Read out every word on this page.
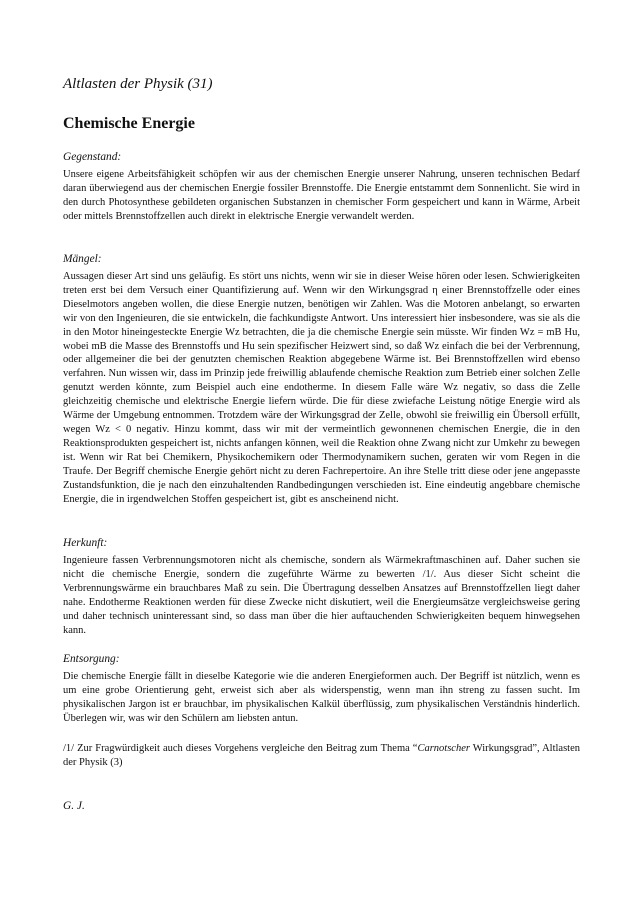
Altlasten der Physik (31)
Chemische Energie

Gegenstand:

Unsere eigene Arbeitsfähigkeit schöpfen wir aus der chemischen Energie unserer Nahrung, unseren technischen Bedarf daran überwiegend aus der chemischen Energie fossiler Brennstoffe. Die Energie entstammt dem Sonnenlicht. Sie wird in den durch Photosynthese gebildeten organischen Substanzen in chemischer Form gespeichert und kann in Wärme, Arbeit oder mittels Brennstoffzellen auch direkt in elektrische Energie verwandelt werden.

Mängel:

Aussagen dieser Art sind uns geläufig. Es stört uns nichts, wenn wir sie in dieser Weise hören oder lesen. Schwierigkeiten treten erst bei dem Versuch einer Quantifizierung auf. Wenn wir den Wirkungsgrad η einer Brennstoffzelle oder eines Dieselmotors angeben wollen, die diese Energie nutzen, benötigen wir Zahlen. Was die Motoren anbelangt, so erwarten wir von den Ingenieuren, die sie entwickeln, die fachkundigste Antwort. Uns interessiert hier insbesondere, was sie als die in den Motor hineingesteckte Energie Wz betrachten, die ja die chemische Energie sein müsste. Wir finden Wz = mB Hu, wobei mB die Masse des Brennstoffs und Hu sein spezifischer Heizwert sind, so daß Wz einfach die bei der Verbrennung, oder allgemeiner die bei der genutzten chemischen Reaktion abgegebene Wärme ist. Bei Brennstoffzellen wird ebenso verfahren. Nun wissen wir, dass im Prinzip jede freiwillig ablaufende chemische Reaktion zum Betrieb einer solchen Zelle genutzt werden könnte, zum Beispiel auch eine endotherme. In diesem Falle wäre Wz negativ, so dass die Zelle gleichzeitig chemische und elektrische Energie liefern würde. Die für diese zwiefache Leistung nötige Energie wird als Wärme der Umgebung entnommen. Trotzdem wäre der Wirkungsgrad der Zelle, obwohl sie freiwillig ein Übersoll erfüllt, wegen Wz < 0 negativ. Hinzu kommt, dass wir mit der vermeintlich gewonnenen chemischen Energie, die in den Reaktionsprodukten gespeichert ist, nichts anfangen können, weil die Reaktion ohne Zwang nicht zur Umkehr zu bewegen ist. Wenn wir Rat bei Chemikern, Physikochemikern oder Thermodynamikern suchen, geraten wir vom Regen in die Traufe. Der Begriff chemische Energie gehört nicht zu deren Fachrepertoire. An ihre Stelle tritt diese oder jene angepasste Zustandsfunktion, die je nach den einzuhaltenden Randbedingungen verschieden ist. Eine eindeutig angebbare chemische Energie, die in irgendwelchen Stoffen gespeichert ist, gibt es anscheinend nicht.

Herkunft:

Ingenieure fassen Verbrennungsmotoren nicht als chemische, sondern als Wärmekraftmaschinen auf. Daher suchen sie nicht die chemische Energie, sondern die zugeführte Wärme zu bewerten /1/. Aus dieser Sicht scheint die Verbrennungswärme ein brauchbares Maß zu sein. Die Übertragung desselben Ansatzes auf Brennstoffzellen liegt daher nahe. Endotherme Reaktionen werden für diese Zwecke nicht diskutiert, weil die Energieumsätze vergleichsweise gering und daher technisch uninteressant sind, so dass man über die hier auftauchenden Schwierigkeiten bequem hinwegsehen kann.

Entsorgung:

Die chemische Energie fällt in dieselbe Kategorie wie die anderen Energieformen auch. Der Begriff ist nützlich, wenn es um eine grobe Orientierung geht, erweist sich aber als widerspenstig, wenn man ihn streng zu fassen sucht. Im physikalischen Jargon ist er brauchbar, im physikalischen Kalkül überflüssig, zum physikalischen Verständnis hinderlich. Überlegen wir, was wir den Schülern am liebsten antun.

/1/ Zur Fragwürdigkeit auch dieses Vorgehens vergleiche den Beitrag zum Thema “Carnotscher Wirkungsgrad”, Altlasten der Physik (3)

G. J.
